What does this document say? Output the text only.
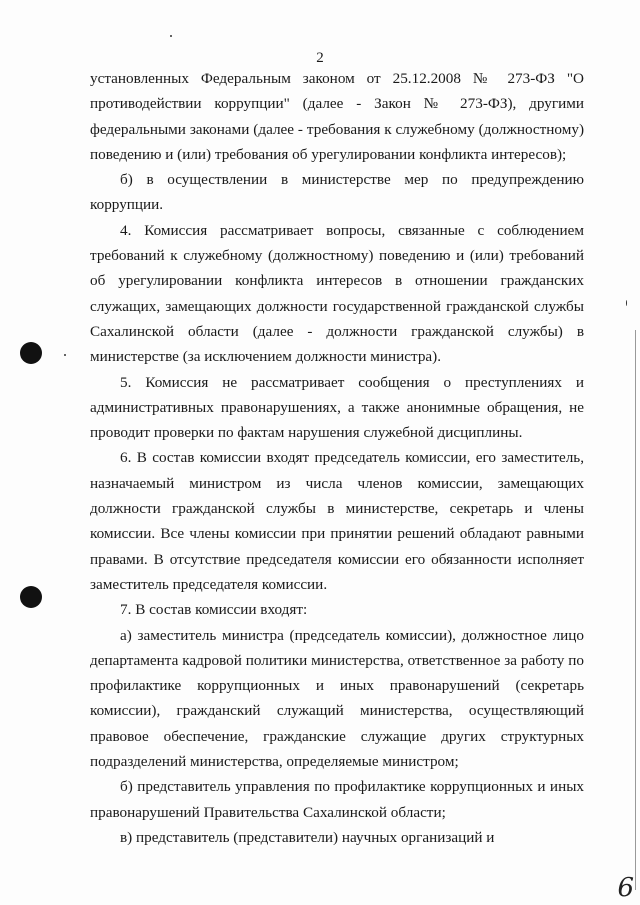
2

установленных Федеральным законом от 25.12.2008 № 273-ФЗ "О противодействии коррупции" (далее - Закон № 273-ФЗ), другими федеральными законами (далее - требования к служебному (должностному) поведению и (или) требования об урегулировании конфликта интересов);

б) в осуществлении в министерстве мер по предупреждению коррупции.

4. Комиссия рассматривает вопросы, связанные с соблюдением требований к служебному (должностному) поведению и (или) требований об урегулировании конфликта интересов в отношении гражданских служащих, замещающих должности государственной гражданской службы Сахалинской области (далее - должности гражданской службы) в министерстве (за исключением должности министра).

5. Комиссия не рассматривает сообщения о преступлениях и административных правонарушениях, а также анонимные обращения, не проводит проверки по фактам нарушения служебной дисциплины.

6. В состав комиссии входят председатель комиссии, его заместитель, назначаемый министром из числа членов комиссии, замещающих должности гражданской службы в министерстве, секретарь и члены комиссии. Все члены комиссии при принятии решений обладают равными правами. В отсутствие председателя комиссии его обязанности исполняет заместитель председателя комиссии.

7. В состав комиссии входят:

а) заместитель министра (председатель комиссии), должностное лицо департамента кадровой политики министерства, ответственное за работу по профилактике коррупционных и иных правонарушений (секретарь комиссии), гражданский служащий министерства, осуществляющий правовое обеспечение, гражданские служащие других структурных подразделений министерства, определяемые министром;

б) представитель управления по профилактике коррупционных и иных правонарушений Правительства Сахалинской области;

в) представитель (представители) научных организаций и

6
